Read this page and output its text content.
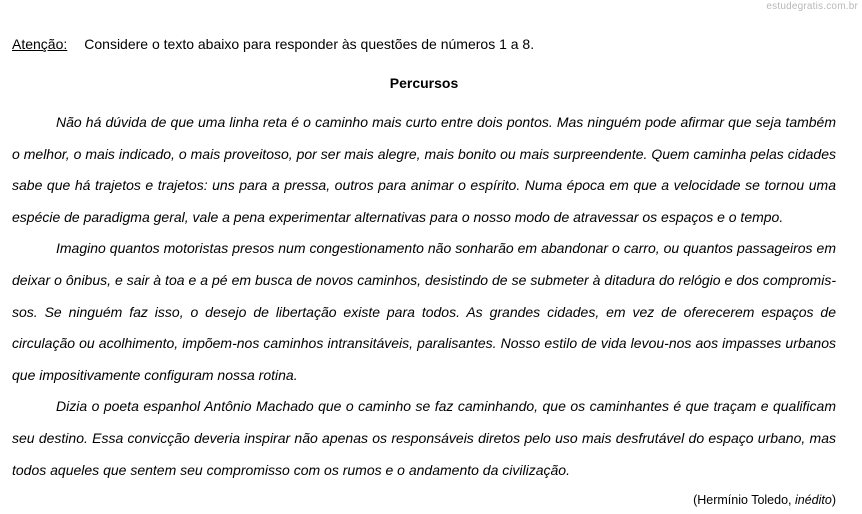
estudegratis.com.br
Atenção: Considere o texto abaixo para responder às questões de números 1 a 8.
Percursos

Não há dúvida de que uma linha reta é o caminho mais curto entre dois pontos. Mas ninguém pode afirmar que seja também o melhor, o mais indicado, o mais proveitoso, por ser mais alegre, mais bonito ou mais surpreendente. Quem caminha pelas cidades sabe que há trajetos e trajetos: uns para a pressa, outros para animar o espírito. Numa época em que a velocidade se tornou uma espécie de paradigma geral, vale a pena experimentar alternativas para o nosso modo de atravessar os espaços e o tempo.

Imagino quantos motoristas presos num congestionamento não sonharão em abandonar o carro, ou quantos passageiros em deixar o ônibus, e sair à toa e a pé em busca de novos caminhos, desistindo de se submeter à ditadura do relógio e dos compromissos. Se ninguém faz isso, o desejo de libertação existe para todos. As grandes cidades, em vez de oferecerem espaços de circulação ou acolhimento, impõem-nos caminhos intransitáveis, paralisantes. Nosso estilo de vida levou-nos aos impasses urbanos que impositivamente configuram nossa rotina.

Dizia o poeta espanhol Antônio Machado que o caminho se faz caminhando, que os caminhantes é que traçam e qualificam seu destino. Essa convicção deveria inspirar não apenas os responsáveis diretos pelo uso mais desfrutável do espaço urbano, mas todos aqueles que sentem seu compromisso com os rumos e o andamento da civilização.

(Hermínio Toledo, inédito)
